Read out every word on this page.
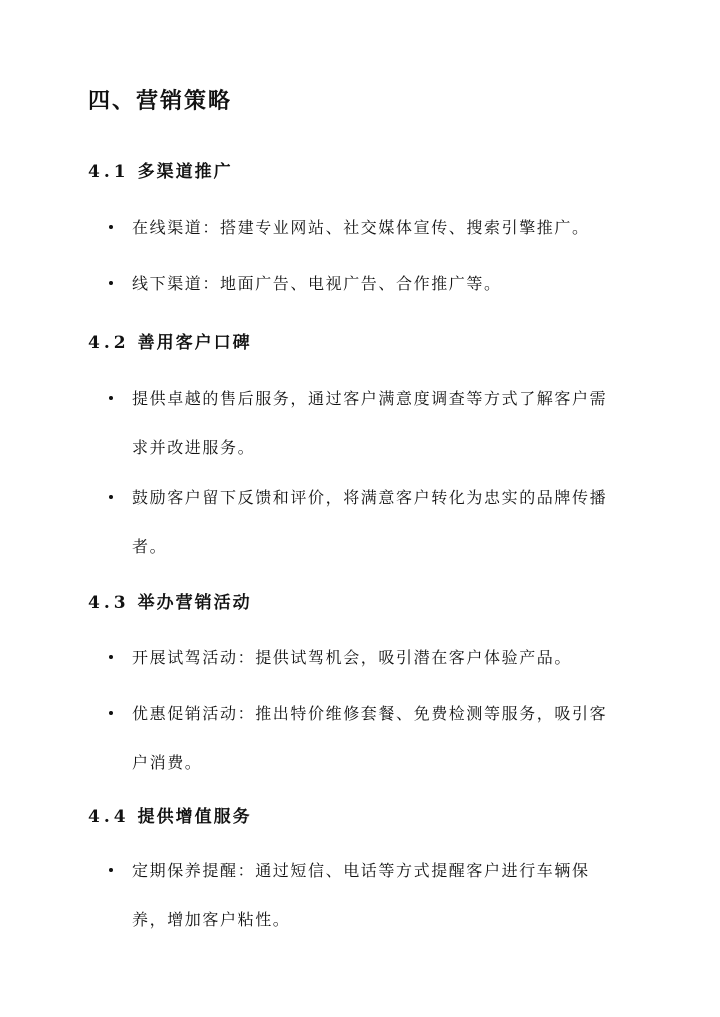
四、营销策略
4.1 多渠道推广

在线渠道：搭建专业网站、社交媒体宣传、搜索引擎推广。

线下渠道：地面广告、电视广告、合作推广等。

4.2 善用客户口碑

提供卓越的售后服务，通过客户满意度调查等方式了解客户需求并改进服务。

鼓励客户留下反馈和评价，将满意客户转化为忠实的品牌传播者。

4.3 举办营销活动

开展试驾活动：提供试驾机会，吸引潜在客户体验产品。

优惠促销活动：推出特价维修套餐、免费检测等服务，吸引客户消费。

4.4 提供增值服务

定期保养提醒：通过短信、电话等方式提醒客户进行车辆保养，增加客户粘性。
